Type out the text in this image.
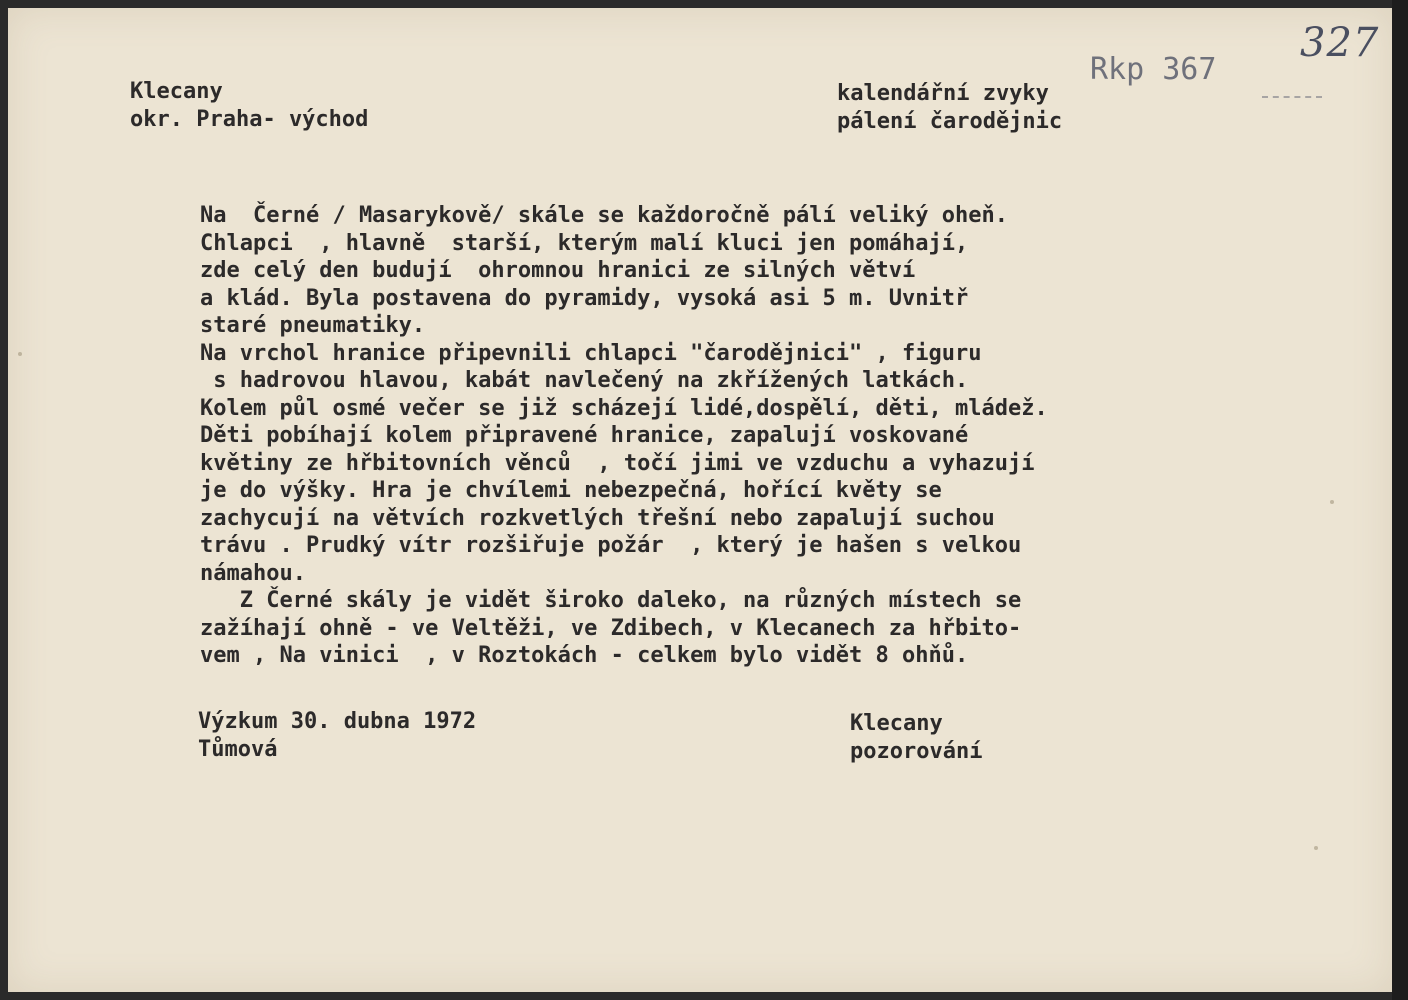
327
Rkp 367
Klecany
okr. Praha- východ
kalendářní zvyky
pálení čarodějnic
Na  Černé / Masarykově/ skále se každoročně pálí veliký oheň.
Chlapci  , hlavně  starší, kterým malí kluci jen pomáhají,
zde celý den budují  ohromnou hranici ze silných větví
a klád. Byla postavena do pyramidy, vysoká asi 5 m. Uvnitř
staré pneumatiky.
Na vrchol hranice připevnili chlapci "čarodějnici" , figuru
s hadrovou hlavou, kabát navlečený na zkřížených latkách.
Kolem půl osmé večer se již scházejí lidé,dospělí, děti, mládež.
Děti pobíhají kolem připravené hranice, zapalují voskované
květiny ze hřbitovních věnců  , točí jimi ve vzduchu a vyhazují
je do výšky. Hra je chvílemi nebezpečná, hořící květy se
zachycují na větvích rozkvetlých třešní nebo zapalují suchou
trávu . Prudký vítr rozšiřuje požár  , který je hašen s velkou
námahou.
Z Černé skály je vidět široko daleko, na různých místech se
zažíhají ohně - ve Veltěži, ve Zdibech, v Klecanech za hřbito-
vem , Na vinici  , v Roztokách - celkem bylo vidět 8 ohňů.
Výzkum 30. dubna 1972
Tůmová
Klecany
pozorování
